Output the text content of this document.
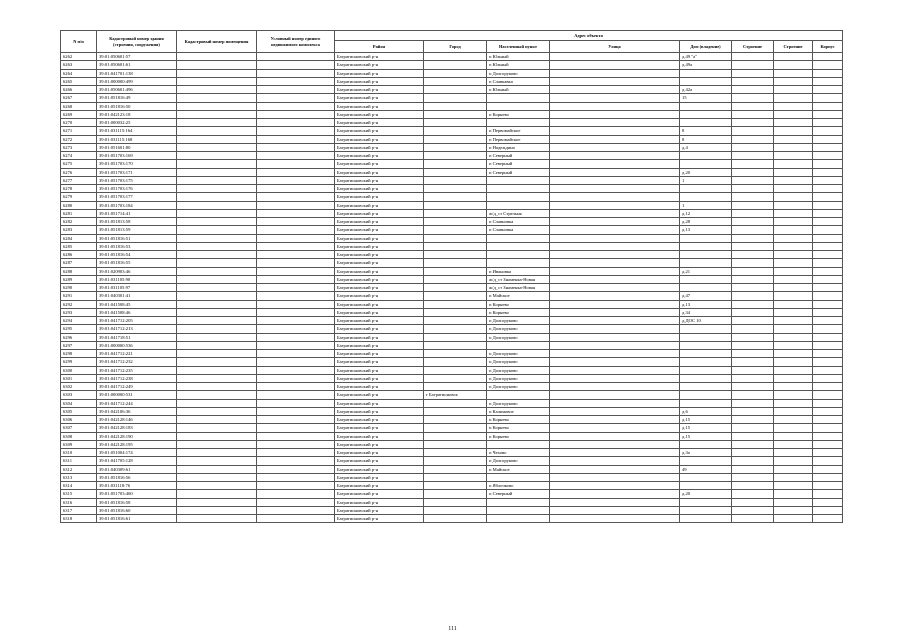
N п/п	Кадастровый номер здания (строения, сооружения)	Кадастровый номер помещения	Условный номер единого недвижимого комплекса	Адрес объекта							
				Район	Город	Населенный пункт	Улица	Дом (владение)	Строение	Строение	Корпус
6262	39:01:050601:57			Багратионовский р-н		п Южный		д.49 "а"			
6263	39:01:050601:61			Багратионовский р-н		п Южный		д.49а			
6264	39:01:041701:138			Багратионовский р-н		п Долгоруково					
6265	39:01:000000:499			Багратионовский р-н		п Славкавка					
6266	39:01:050601:496			Багратионовский р-н		п Южный		д.42а			
6267	39:01:051816:49			Багратионовский р-н				15			
6268	39:01:051816:50			Багратионовский р-н							
6269	39:01:042123:18			Багратионовский р-н		п Корнево					
6270	39:01:000032:25			Багратионовский р-н							
6271	39:01:031115:164			Багратионовский р-н		п Первомайское		8			
6272	39:01:031115:168			Багратионовский р-н		п Первомайское		8			
6273	39:01:051601:80			Багратионовский р-н		п Надеждино		д.4			
6274	39:01:051703:169			Багратионовский р-н		п Северный					
6275	39:01:051703:170			Багратионовский р-н		п Северный					
6276	39:01:051703:171			Багратионовский р-н		п Северный		д.20			
6277	39:01:051703:175			Багратионовский р-н				1			
6278	39:01:051703:176			Багратионовский р-н							
6279	39:01:051703:177			Багратионовский р-н							
6280	39:01:051703:184			Багратионовский р-н				1			
6281	39:01:051714:41			Багратионовский р-н		ж/д_ст Стрельня		д.12			
6282	39:01:051813:58			Багратионовский р-н		п Славновка		д.28			
6283	39:01:051813:59			Багратионовский р-н		п Славновка		д.13			
6284	39:01:051816:51			Багратионовский р-н							
6285	39:01:051816:53			Багратионовский р-н							
6286	39:01:051816:54			Багратионовский р-н							
6287	39:01:051816:55			Багратионовский р-н							
6288	39:01:020903:46			Багратионовский р-н		п Ивановка		д.21			
6289	39:01:031105:90			Багратионовский р-н		ж/д_ст Знаменка-Новая					
6290	39:01:031105:97			Багратионовский р-н		ж/д_ст Знаменка-Новая					
6291	39:01:040301:41			Багратионовский р-н		п Майское		д.47			
6292	39:01:041508:45			Багратионовский р-н		п Корнево		д.13			
6293	39:01:041508:46			Багратионовский р-н		п Корнево		д.34			
6294	39:01:041712:205			Багратионовский р-н		п Долгоруково		д.ДОС 10			
6295	39:01:041712:213			Багратионовский р-н		п Долгоруково					
6296	39:01:041718:51			Багратионовский р-н		п Долгоруково					
6297	39:01:000000:536			Багратионовский р-н							
6298	39:01:041712:221			Багратионовский р-н		п Долгоруково					
6299	39:01:041712:232			Багратионовский р-н		п Долгоруково					
6300	39:01:041712:235			Багратионовский р-н		п Долгоруково					
6301	39:01:041712:238			Багратионовский р-н		п Долгоруково					
6302	39:01:041712:249			Багратионовский р-н		п Долгоруково					
6303	39:01:000000:531			Багратионовский р-н	г Багратионовск						
6304	39:01:041712:244			Багратионовский р-н		п Долгоруково					
6305	39:01:042106:36			Багратионовский р-н		п Калиновое		д.6			
6306	39:01:042128:146			Багратионовский р-н		п Корнево		д.15			
6307	39:01:042128:183			Багратионовский р-н		п Корнево		д.15			
6308	39:01:042128:190			Багратионовский р-н		п Корнево		д.15			
6309	39:01:042128:195			Багратионовский р-н							
6310	39:01:051004:174			Багратионовский р-н		п Чехово		д.3а			
6311	39:01:041705:128			Багратионовский р-н		п Долгоруково					
6312	39:01:040309:61			Багратионовский р-н		п Майское		49			
6313	39:01:051816:56			Багратионовский р-н							
6314	39:01:031118:76			Багратионовский р-н		п Яблочково					
6315	39:01:051703:460			Багратионовский р-н		п Северный		д.20			
6316	39:01:051816:58			Багратионовский р-н							
6317	39:01:051816:60			Багратионовский р-н							
6318	39:01:051816:61			Багратионовский р-н							
111
